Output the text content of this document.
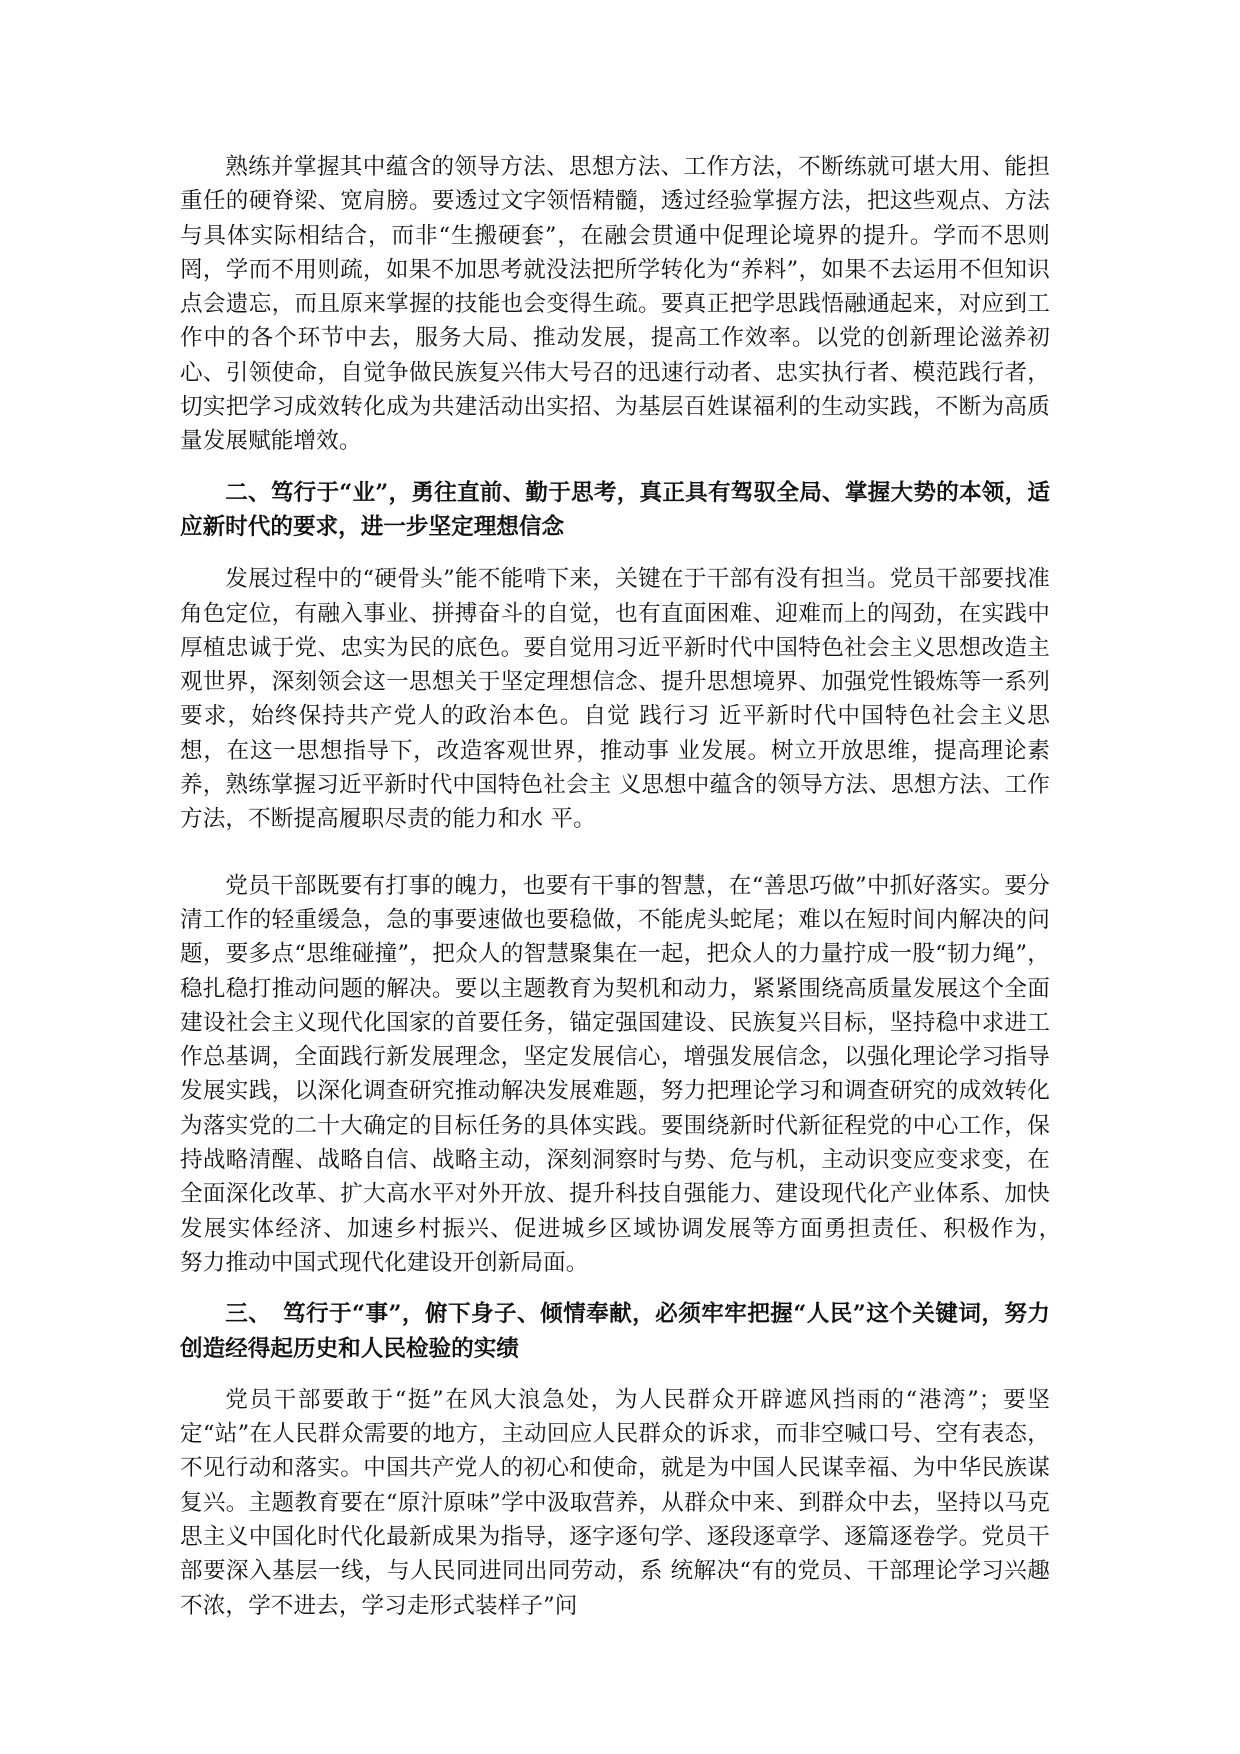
熟练并掌握其中蕴含的领导方法、思想方法、工作方法，不断练就可堪大用、能担重任的硬脊梁、宽肩膀。要透过文字领悟精髓，透过经验掌握方法，把这些观点、方法与具体实际相结合，而非“生搬硬套”，在融会贯通中促理论境界的提升。学而不思则罔，学而不用则疏，如果不加思考就没法把所学转化为“养料”，如果不去运用不但知识点会遗忘，而且原来掌握的技能也会变得生疏。要真正把学思践悟融通起来，对应到工作中的各个环节中去，服务大局、推动发展，提高工作效率。以党的创新理论滋养初心、引领使命，自觉争做民族复兴伟大号召的迅速行动者、忠实执行者、模范践行者，切实把学习成效转化成为共建活动出实招、为基层百姓谋福利的生动实践，不断为高质量发展赋能增效。

二、笃行于“业”，勇往直前、勤于思考，真正具有驾驭全局、掌握大势的本领，适应新时代的要求，进一步坚定理想信念

发展过程中的“硬骨头”能不能啃下来，关键在于干部有没有担当。党员干部要找准角色定位，有融入事业、拼搏奋斗的自觉，也有直面困难、迎难而上的闯劲，在实践中厚植忠诚于党、忠实为民的底色。要自觉用习近平新时代中国特色社会主义思想改造主观世界，深刻领会这一思想关于坚定理想信念、提升思想境界、加强党性锻炼等一系列要求，始终保持共产党人的政治本色。自觉 践行习 近平新时代中国特色社会主义思想，在这一思想指导下，改造客观世界，推动事 业发展。树立开放思维，提高理论素养，熟练掌握习近平新时代中国特色社会主 义思想中蕴含的领导方法、思想方法、工作方法，不断提高履职尽责的能力和水 平。

党员干部既要有打事的魄力，也要有干事的智慧，在“善思巧做”中抓好落实。要分清工作的轻重缓急，急的事要速做也要稳做，不能虎头蛇尾；难以在短时间内解决的问题，要多点“思维碰撞”，把众人的智慧聚集在一起，把众人的力量拧成一股“韧力绳”，稳扎稳打推动问题的解决。要以主题教育为契机和动力，紧紧围绕高质量发展这个全面建设社会主义现代化国家的首要任务，锚定强国建设、民族复兴目标，坚持稳中求进工作总基调，全面践行新发展理念，坚定发展信心，增强发展信念，以强化理论学习指导发展实践，以深化调查研究推动解决发展难题，努力把理论学习和调查研究的成效转化为落实党的二十大确定的目标任务的具体实践。要围绕新时代新征程党的中心工作，保持战略清醒、战略自信、战略主动，深刻洞察时与势、危与机，主动识变应变求变，在全面深化改革、扩大高水平对外开放、提升科技自强能力、建设现代化产业体系、加快发展实体经济、加速乡村振兴、促进城乡区域协调发展等方面勇担责任、积极作为，　努力推动中国式现代化建设开创新局面。

三、　笃行于“事”，俯下身子、倾情奉献，必须牢牢把握“人民”这个关键词，努力创造经得起历史和人民检验的实绩

党员干部要敢于“挺”在风大浪急处，为人民群众开辟遮风挡雨的“港湾”；要坚定“站”在人民群众需要的地方，主动回应人民群众的诉求，而非空喊口号、空有表态，不见行动和落实。中国共产党人的初心和使命，就是为中国人民谋幸福、为中华民族谋复兴。主题教育要在“原汁原味”学中汲取营养，从群众中来、到群众中去，坚持以马克思主义中国化时代化最新成果为指导，逐字逐句学、逐段逐章学、逐篇逐卷学。党员干部要深入基层一线，与人民同进同出同劳动，系 统解决“有的党员、干部理论学习兴趣不浓，学不进去，学习走形式装样子”问
